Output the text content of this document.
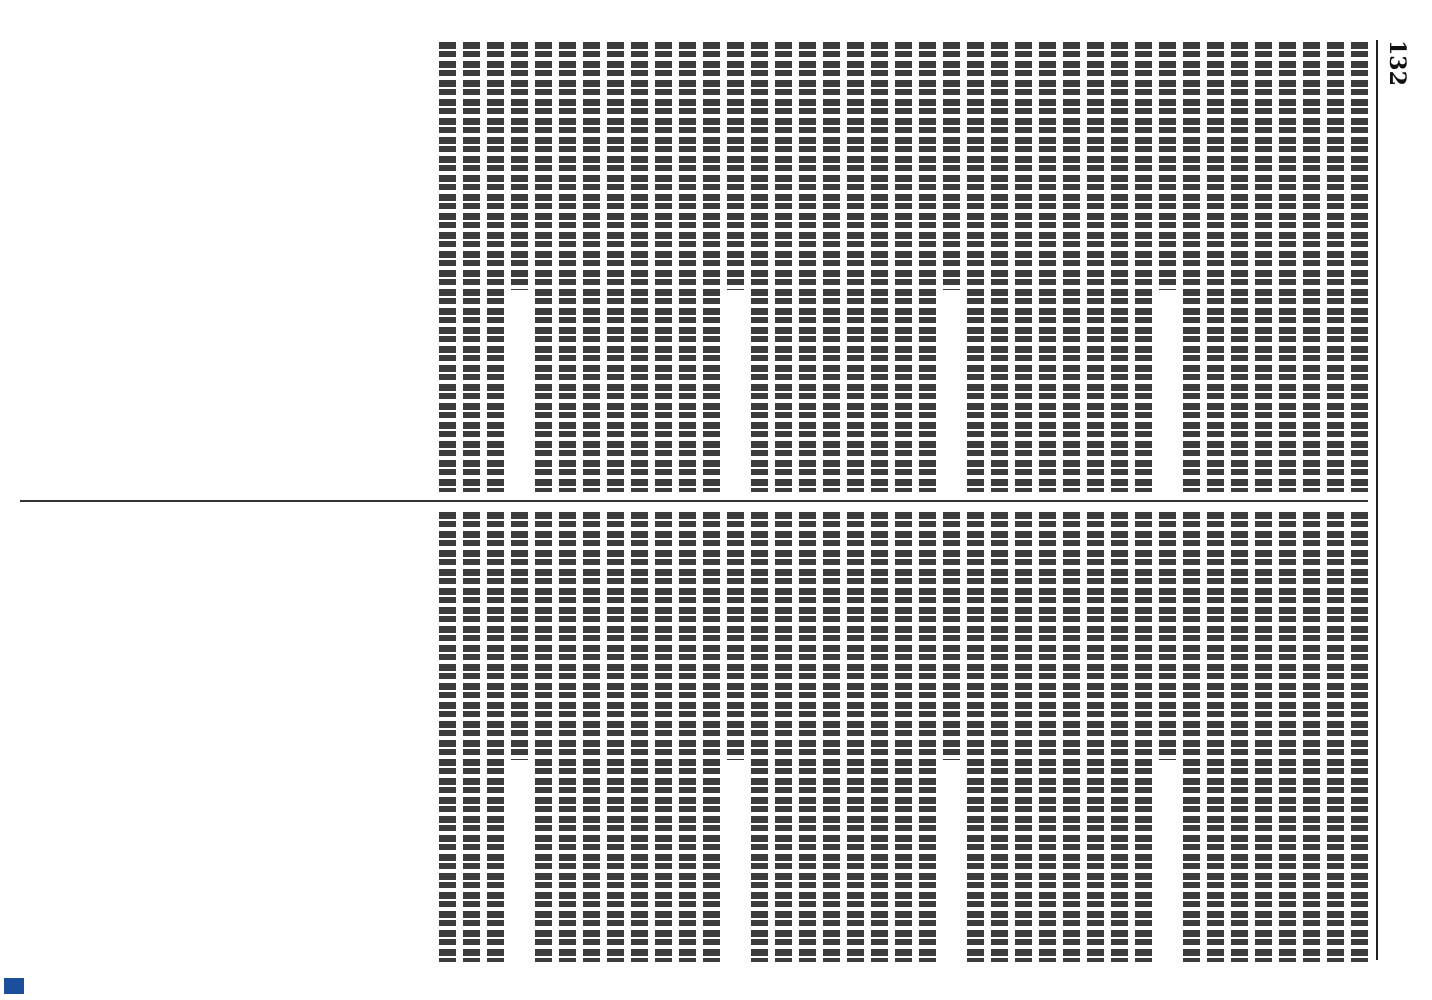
132
